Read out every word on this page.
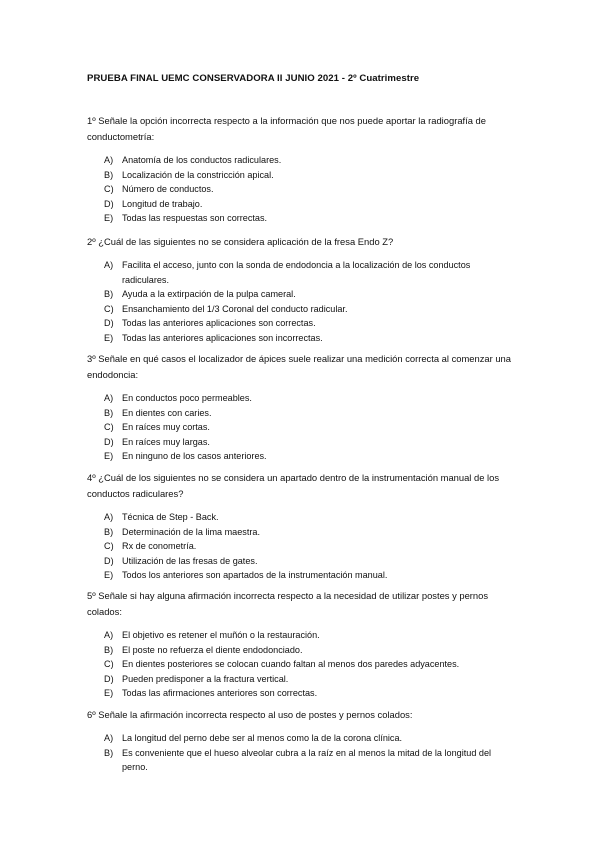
PRUEBA FINAL UEMC CONSERVADORA II JUNIO 2021 - 2º Cuatrimestre
1º Señale la opción incorrecta respecto a la información que nos puede aportar la radiografía de conductometría:
A) Anatomía de los conductos radiculares.
B) Localización de la constricción apical.
C) Número de conductos.
D) Longitud de trabajo.
E) Todas las respuestas son correctas.
2º ¿Cuál de las siguientes no se considera aplicación de la fresa Endo Z?
A) Facilita el acceso, junto con la sonda de endodoncia a la localización de los conductos radiculares.
B) Ayuda a la extirpación de la pulpa cameral.
C) Ensanchamiento del 1/3 Coronal del conducto radicular.
D) Todas las anteriores aplicaciones son correctas.
E) Todas las anteriores aplicaciones son incorrectas.
3º Señale en qué casos el localizador de ápices suele realizar una medición correcta al comenzar una endodoncia:
A) En conductos poco permeables.
B) En dientes con caries.
C) En raíces muy cortas.
D) En raíces muy largas.
E) En ninguno de los casos anteriores.
4º ¿Cuál de los siguientes no se considera un apartado dentro de la instrumentación manual de los conductos radiculares?
A) Técnica de Step - Back.
B) Determinación de la lima maestra.
C) Rx de conometría.
D) Utilización de las fresas de gates.
E) Todos los anteriores son apartados de la instrumentación manual.
5º Señale si hay alguna afirmación incorrecta respecto a la necesidad de utilizar postes y pernos colados:
A) El objetivo es retener el muñón o la restauración.
B) El poste no refuerza el diente endodonciado.
C) En dientes posteriores se colocan cuando faltan al menos dos paredes adyacentes.
D) Pueden predisponer a la fractura vertical.
E) Todas las afirmaciones anteriores son correctas.
6º Señale la afirmación incorrecta respecto al uso de postes y pernos colados:
A) La longitud del perno debe ser al menos como la de la corona clínica.
B) Es conveniente que el hueso alveolar cubra a la raíz en al menos la mitad de la longitud del perno.
